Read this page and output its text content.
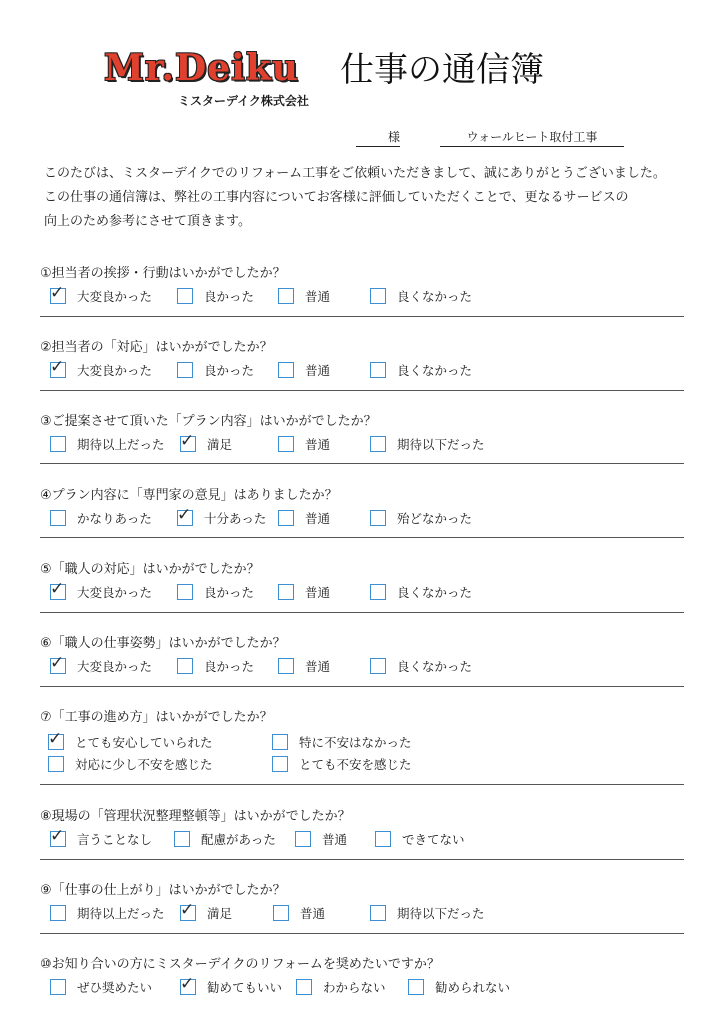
Mr.Deiku	仕事の通信簿
ミスターデイク株式会社
様	ウォールヒート取付工事

このたびは、ミスターデイクでのリフォーム工事をご依頼いただきまして、誠にありがとうございました。

この仕事の通信簿は、弊社の工事内容についてお客様に評価していただくことで、更なるサービスの

向上のため参考にさせて頂きます。

①担当者の挨拶・行動はいかがでしたか？
✓ 大変良かった	良かった	普通	良くなかった
②担当者の「対応」はいかがでしたか？
✓ 大変良かった	良かった	普通	良くなかった
③ご提案させて頂いた「プラン内容」はいかがでしたか？
期待以上だった ✓ 満足	普通	期待以下だった
④プラン内容に「専門家の意見」はありましたか？
かなりあった ✓ 十分あった	普通	殆どなかった
⑤「職人の対応」はいかがでしたか？
✓ 大変良かった	良かった	普通	良くなかった
⑥「職人の仕事姿勢」はいかがでしたか？
✓ 大変良かった	良かった	普通	良くなかった
⑦「工事の進め方」はいかがでしたか？
✓ とても安心していられた	特に不安はなかった
対応に少し不安を感じた	とても不安を感じた
⑧現場の「管理状況整理整頓等」はいかがでしたか？
✓ 言うことなし	配慮があった	普通	できてない
⑨「仕事の仕上がり」はいかがでしたか？
期待以上だった ✓ 満足	普通	期待以下だった
⑩お知り合いの方にミスターデイクのリフォームを奨めたいですか？
ぜひ奨めたい ✓ 勧めてもいい	わからない	勧められない
